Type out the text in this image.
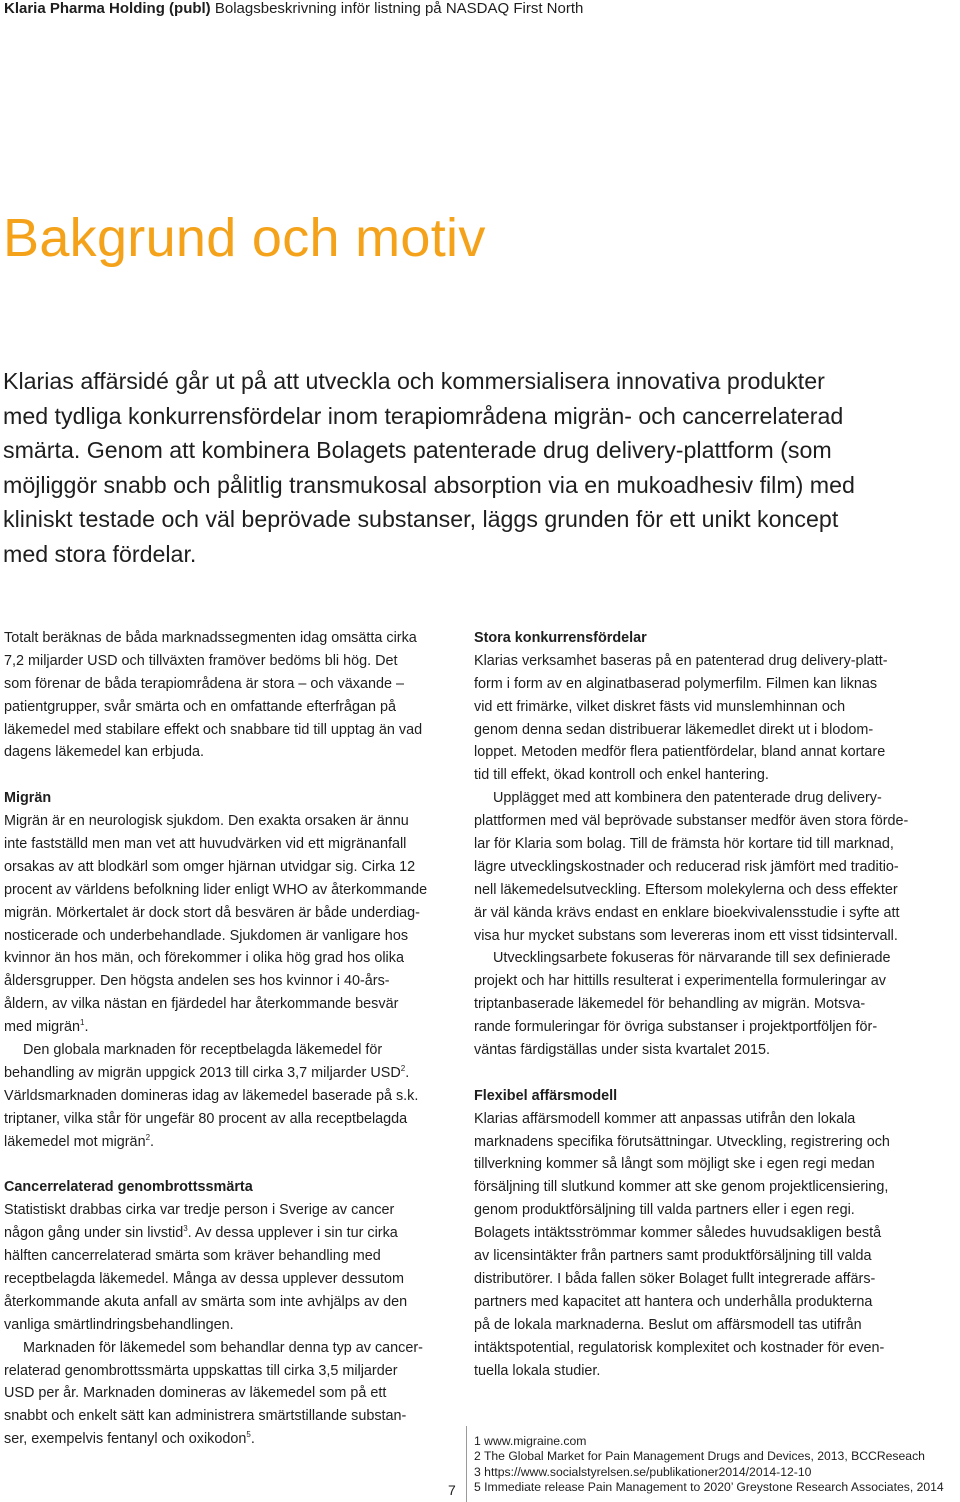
Klaria Pharma Holding (publ) Bolagsbeskrivning inför listning på NASDAQ First North
Bakgrund och motiv
Klarias affärsidé går ut på att utveckla och kommersialisera innovativa produkter
med tydliga konkurrensfördelar inom terapiområdena migrän- och cancerrelaterad
smärta. Genom att kombinera Bolagets patenterade drug delivery-plattform (som
möjliggör snabb och pålitlig transmukosal absorption via en mukoadhesiv film) med
kliniskt testade och väl beprövade substanser, läggs grunden för ett unikt koncept
med stora fördelar.
Totalt beräknas de båda marknadssegmenten idag omsätta cirka
7,2 miljarder USD och tillväxten framöver bedöms bli hög. Det
som förenar de båda terapiområdena är stora – och växande –
patientgrupper, svår smärta och en omfattande efterfrågan på
läkemedel med stabilare effekt och snabbare tid till upptag än vad
dagens läkemedel kan erbjuda.
Migrän
Migrän är en neurologisk sjukdom. Den exakta orsaken är ännu
inte fastställd men man vet att huvudvärken vid ett migränanfall
orsakas av att blodkärl som omger hjärnan utvidgar sig. Cirka 12
procent av världens befolkning lider enligt WHO av återkommande
migrän. Mörkertalet är dock stort då besvären är både underdiag-
nosticerade och underbehandlade. Sjukdomen är vanligare hos
kvinnor än hos män, och förekommer i olika hög grad hos olika
åldersgrupper. Den högsta andelen ses hos kvinnor i 40-års-
åldern, av vilka nästan en fjärdedel har återkommande besvär
med migrän$^1$.
Den globala marknaden för receptbelagda läkemedel för
behandling av migrän uppgick 2013 till cirka 3,7 miljarder USD$^2$.
Världsmarknaden domineras idag av läkemedel baserade på s.k.
triptaner, vilka står för ungefär 80 procent av alla receptbelagda
läkemedel mot migrän$^2$.
Cancerrelaterad genombrottssmärta
Statistiskt drabbas cirka var tredje person i Sverige av cancer
någon gång under sin livstid$^3$. Av dessa upplever i sin tur cirka
hälften cancerrelaterad smärta som kräver behandling med
receptbelagda läkemedel. Många av dessa upplever dessutom
återkommande akuta anfall av smärta som inte avhjälps av den
vanliga smärtlindringsbehandlingen.
Marknaden för läkemedel som behandlar denna typ av cancer-
relaterad genombrottssmärta uppskattas till cirka 3,5 miljarder
USD per år. Marknaden domineras av läkemedel som på ett
snabbt och enkelt sätt kan administrera smärtstillande substan-
ser, exempelvis fentanyl och oxikodon$^5$.
Stora konkurrensfördelar
Klarias verksamhet baseras på en patenterad drug delivery-platt-
form i form av en alginatbaserad polymerfilm. Filmen kan liknas
vid ett frimärke, vilket diskret fästs vid munslemhinnan och
genom denna sedan distribuerar läkemedlet direkt ut i blodom-
loppet. Metoden medför flera patientfördelar, bland annat kortare
tid till effekt, ökad kontroll och enkel hantering.
Upplägget med att kombinera den patenterade drug delivery-
plattformen med väl beprövade substanser medför även stora förde-
lar för Klaria som bolag. Till de främsta hör kortare tid till marknad,
lägre utvecklingskostnader och reducerad risk jämfört med traditio-
nell läkemedelsutveckling. Eftersom molekylerna och dess effekter
är väl kända krävs endast en enklare bioekvivalensstudie i syfte att
visa hur mycket substans som levereras inom ett visst tidsintervall.
Utvecklingsarbete fokuseras för närvarande till sex definierade
projekt och har hittills resulterat i experimentella formuleringar av
triptanbaserade läkemedel för behandling av migrän. Motsva-
rande formuleringar för övriga substanser i projektportföljen för-
väntas färdigställas under sista kvartalet 2015.
Flexibel affärsmodell
Klarias affärsmodell kommer att anpassas utifrån den lokala
marknadens specifika förutsättningar. Utveckling, registrering och
tillverkning kommer så långt som möjligt ske i egen regi medan
försäljning till slutkund kommer att ske genom projektlicensiering,
genom produktförsäljning till valda partners eller i egen regi.
Bolagets intäktsströmmar kommer således huvudsakligen bestå
av licensintäkter från partners samt produktförsäljning till valda
distributörer. I båda fallen söker Bolaget fullt integrerade affärs-
partners med kapacitet att hantera och underhålla produkterna
på de lokala marknaderna. Beslut om affärsmodell tas utifrån
intäktspotential, regulatorisk komplexitet och kostnader för even-
tuella lokala studier.
1 www.migraine.com
2 The Global Market for Pain Management Drugs and Devices, 2013, BCCReseach
3 https://www.socialstyrelsen.se/publikationer2014/2014-12-10
5 Immediate release Pain Management to 2020’ Greystone Research Associates, 2014
7
